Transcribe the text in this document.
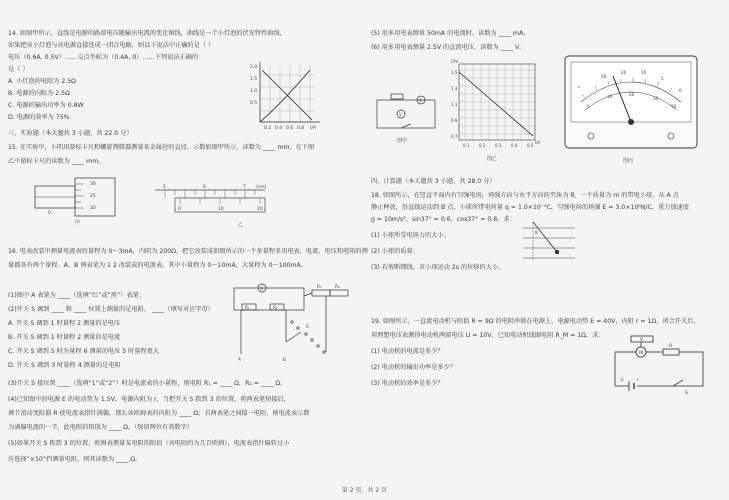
14. 如图甲所示，直线是电源的路端电压随输出电流的变化图线，曲线是一个小灯泡的伏安特性曲线，
如果把该小灯泡与该电源直接连成一闭合电路，则以下说法中正确的是（ ）
电压（0.6A, 0.5V）……交点坐标为（0.4A, 0）……下列说法正确的
是（ ）
A. 小灯泡的电阻为 2.5Ω
B. 电源的内阻为 2.5Ω
C. 电源的输出功率为 0.8W
D. 电源的效率为 75%
2.0
1.5
1.0
0.5
0.2 0.4 0.6 0.8 I/A
三、实验题（本大题共 3 小题，共 22.0 分）
15. 在实验中，小明用游标卡尺和螺旋测微器测量某金属丝的直径，示数如图甲所示，读数为 ____ mm；在下图
乙中游标卡尺的读数为 ____ mm。
30
25
20
0
甲
5	6	7 (cm)
0	10	20
乙
16. 电表改装中测量电流表的量程为 0～3mA，内阻为 200Ω，把它改装成如图所示的一个多量程多用电表，电流、电压和电阻的测
量都各有两个量程。A、B 两表笔为 1 2 改装成的电流表，其中小量程为 0～10mA，大量程为 0～100mA。
G
R₁	R₂
R₃	R₄
A	B
S
(1)图中 A 表笔为 ____（选填“红”或“黑”）表笔；
(2)开关 S 调到 ____ 和 ____ 位置上测量的是电阻。 ____（填写对应字母）
A. 开关 S 调到 1 时量程 2 测量的是电压
B. 开关 S 调到 1 时量程 2 测量的是电流
C. 开关 S 调到 5 时为量程 6 测量的电压 5 时量程更大
D. 开关 S 调到 3 时量程 4 测量的是电阻
(3)开关 S 接位置 ____（选填“1”或“2”）时是电流表的小量程，则电阻 R₁ = ____ Ω，R₂ = ____ Ω。
(4)已知图中的电源 E 的电动势为 1.5V，电源内阻为 r，当把开关 S 拨到 3 的位置，将两表笔短接后，
调节滑动变阻器 R 使电流表指针满偏，那么该欧姆表的内阻为 ____ Ω；若两表笔之间接一电阻，则电流表示数
为满偏电流的一半，此电阻的阻值为 ____ Ω。（保留两位有效数字）
(5)如果开关 S 拨到 3 的位置，欧姆表测量某电阻的阻值（该电阻约为几百欧姆），电流表指针偏转过小
应选择“×10”挡测量电阻，则其读数为 ____ Ω。
(5) 用多用电表测量 50mA 的电流时，读数为 ____ mA。
(6) 用多用电表测量 2.5V 的直流电压，读数为 ____ V。
A
V
图甲
U/V
1.5
1.3
1.1
0.9
0.7
0.1 0.2 0.3 0.4 0.5
I/A
图乙
∞
50
20	10
5
0
0
10	20
30
50
图丙
四、计算题（本大题共 3 小题，共 28.0 分）
18. 如图所示，在竖直平面内有匀强电场，场强方向与水平方向的夹角为 θ，一个质量为 m 的带电小球，从 A 点
静止释放，沿直线运动到 B 点，小球所带电荷量 q = 1.0×10⁻⁶C，匀强电场的场强 E = 3.0×10⁶N/C，重力加速度
g = 10m/s²，sin37° = 0.6，cos37° = 0.8。求：
(1) 小球所受电场力的大小；
(2) 小球的质量；
(3) 若剪断细线，求小球运动 2s 的位移的大小。
θ
19. 如图所示，一直流电动机与阻值 R = 9Ω 的电阻串联在电源上，电源电动势 E = 40V，内阻 r = 1Ω，闭合开关后，
用理想电压表测得电动机两端电压 U = 10V，已知电动机线圈电阻 R_M = 1Ω，求：
(1) 电动机的电流是多少？
(2) 电动机的输出功率是多少？
(3) 电动机的效率是多少？
M
V
R
E	r
S
第 2 页，共 2 页
